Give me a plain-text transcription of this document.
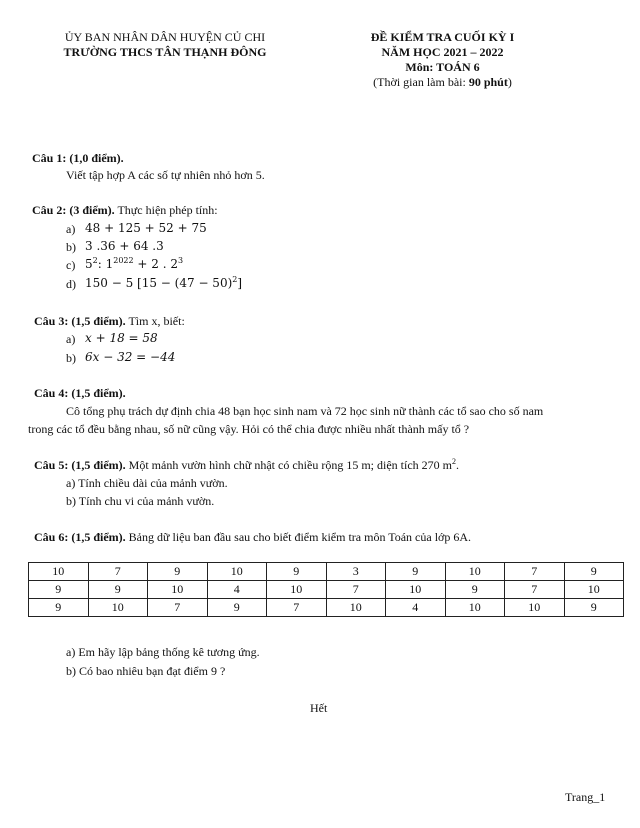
ỦY BAN NHÂN DÂN HUYỆN CỦ CHI
TRƯỜNG THCS TÂN THẠNH ĐÔNG
ĐỀ KIỂM TRA CUỐI KỲ I
NĂM HỌC 2021 – 2022
Môn: TOÁN 6
(Thời gian làm bài: 90 phút)
Câu 1: (1,0 điểm).
Viết tập hợp A các số tự nhiên nhỏ hơn 5.
Câu 2: (3 điểm). Thực hiện phép tính:
a) 48 + 125 + 52 + 75
b) 3 .36 + 64 .3
c) $5^2$: $1^{2022} + 2$ . $2^3$
d) 150 − 5 $[15 - (47 - 50)^2]$
Câu 3: (1,5 điểm). Tìm x, biết:
a) x + 18 = 58
b) 6x − 32 = −44
Câu 4: (1,5 điểm).
Cô tổng phụ trách dự định chia 48 bạn học sinh nam và 72 học sinh nữ thành các tổ sao cho số nam
trong các tổ đều bằng nhau, số nữ cũng vậy. Hỏi có thể chia được nhiều nhất thành mấy tổ ?
Câu 5: (1,5 điểm). Một mảnh vườn hình chữ nhật có chiều rộng 15 m; diện tích 270 $m^2$.
a) Tính chiều dài của mảnh vườn.
b) Tính chu vi của mảnh vườn.
Câu 6: (1,5 điểm). Bảng dữ liệu ban đầu sau cho biết điểm kiểm tra môn Toán của lớp 6A.
10	7	9	10	9	3	9	10	7	9
9	9	10	4	10	7	10	9	7	10
9	10	7	9	7	10	4	10	10	9
a) Em hãy lập bảng thống kê tương ứng.
b) Có bao nhiêu bạn đạt điểm 9 ?
Hết
Trang_1
